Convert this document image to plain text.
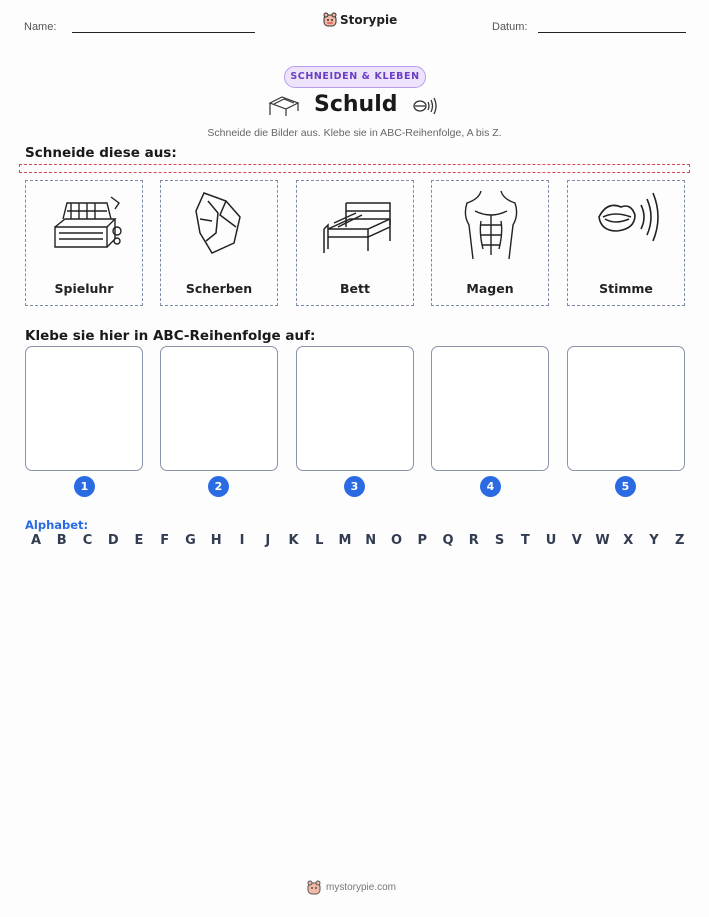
Name:
Storypie
Datum:
SCHNEIDEN & KLEBEN
Schuld
Schneide die Bilder aus. Klebe sie in ABC-Reihenfolge, A bis Z.
Schneide diese aus:
Spieluhr	Scherben	Bett	Magen	Stimme
Klebe sie hier in ABC-Reihenfolge auf:
1	2	3	4	5
Alphabet:
A B C D E F G H	I	J	K L M N O P Q R S T U V W X Y Z
mystorypie.com
